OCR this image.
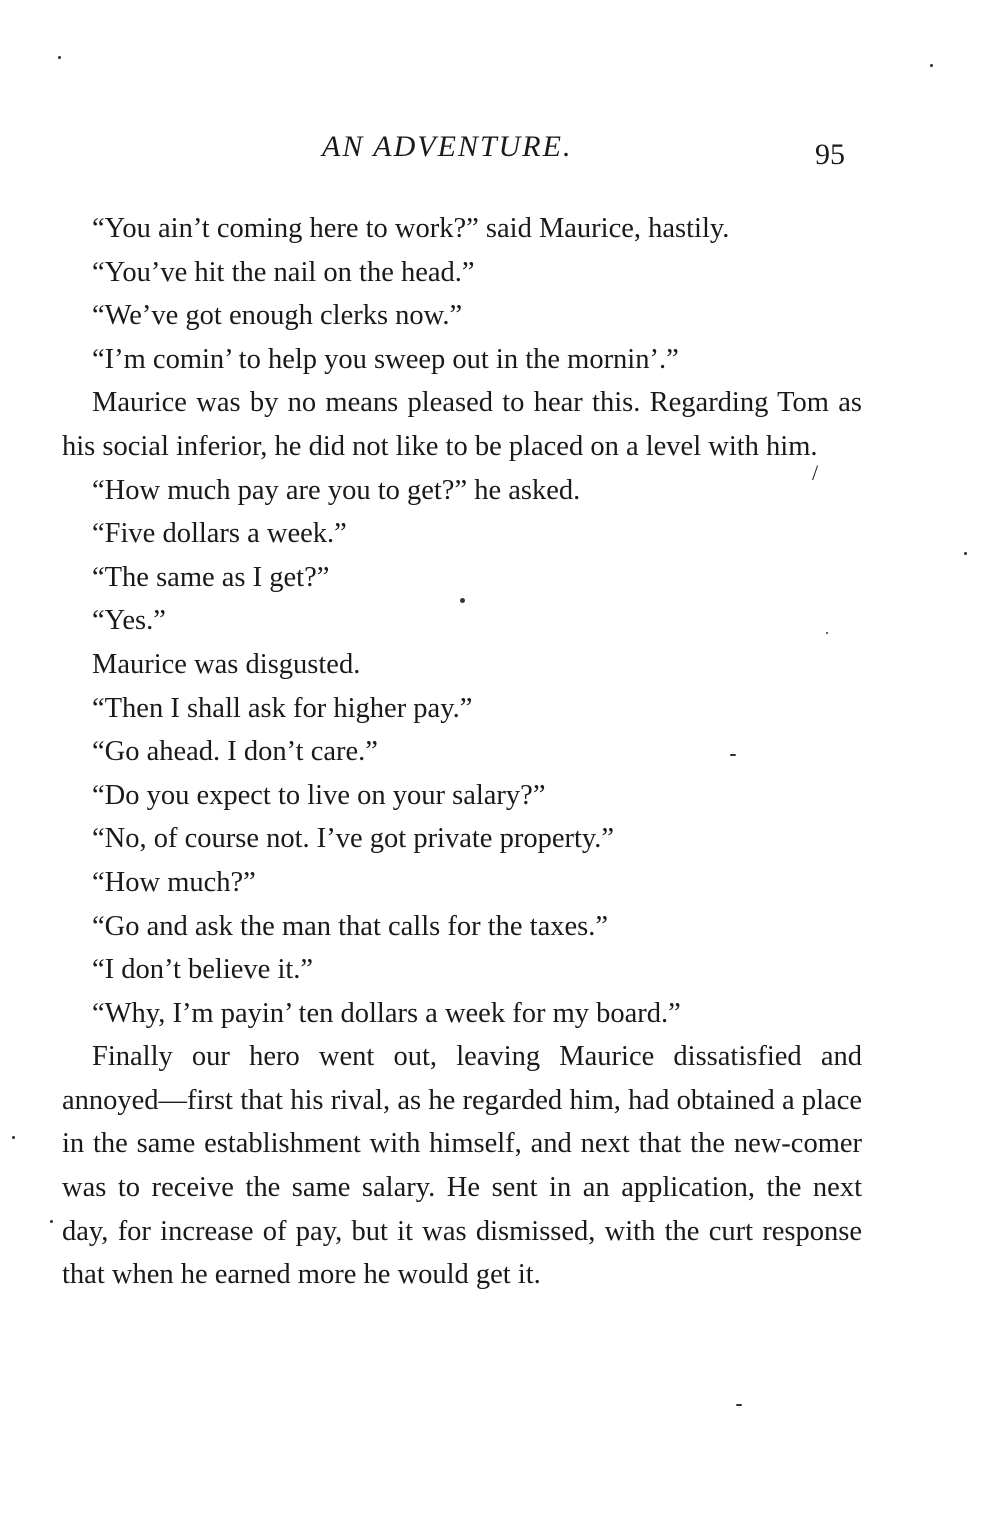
AN ADVENTURE.	95

“You ain’t coming here to work?” said Maurice, hastily.

“You’ve hit the nail on the head.”

“We’ve got enough clerks now.”

“I’m comin’ to help you sweep out in the mornin’.”

Maurice was by no means pleased to hear this. Regarding Tom as his social inferior, he did not like to be placed on a level with him.

“How much pay are you to get?” he asked.

“Five dollars a week.”

“The same as I get?”

“Yes.”

Maurice was disgusted.

“Then I shall ask for higher pay.”

“Go ahead. I don’t care.”

“Do you expect to live on your salary?”

“No, of course not. I’ve got private property.”

“How much?”

“Go and ask the man that calls for the taxes.”

“I don’t believe it.”

“Why, I’m payin’ ten dollars a week for my board.”

Finally our hero went out, leaving Maurice dissatisfied and annoyed—first that his rival, as he regarded him, had obtained a place in the same establishment with himself, and next that the new-comer was to receive the same salary. He sent in an application, the next day, for increase of pay, but it was dismissed, with the curt response that when he earned more he would get it.

/
